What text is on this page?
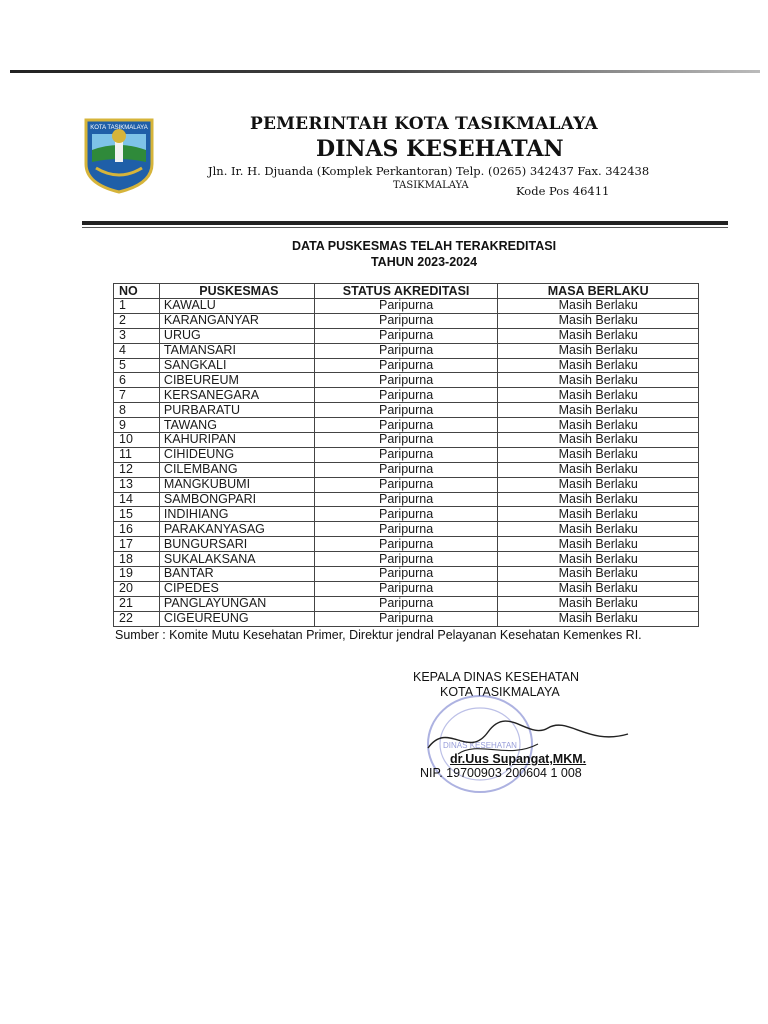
KOTA TASIKMALAYA	PEMERINTAH KOTA TASIKMALAYA
DINAS KESEHATAN
Jln. Ir. H. Djuanda (Komplek Perkantoran) Telp. (0265) 342437 Fax. 342438
TASIKMALAYA	Kode Pos 46411
DATA PUSKESMAS TELAH TERAKREDITASI
TAHUN 2023-2024
NO	PUSKESMAS	STATUS AKREDITASI	MASA BERLAKU
1	KAWALU	Paripurna	Masih Berlaku
2	KARANGANYAR	Paripurna	Masih Berlaku
3	URUG	Paripurna	Masih Berlaku
4	TAMANSARI	Paripurna	Masih Berlaku
5	SANGKALI	Paripurna	Masih Berlaku
6	CIBEUREUM	Paripurna	Masih Berlaku
7	KERSANEGARA	Paripurna	Masih Berlaku
8	PURBARATU	Paripurna	Masih Berlaku
9	TAWANG	Paripurna	Masih Berlaku
10	KAHURIPAN	Paripurna	Masih Berlaku
11	CIHIDEUNG	Paripurna	Masih Berlaku
12	CILEMBANG	Paripurna	Masih Berlaku
13	MANGKUBUMI	Paripurna	Masih Berlaku
14	SAMBONGPARI	Paripurna	Masih Berlaku
15	INDIHIANG	Paripurna	Masih Berlaku
16	PARAKANYASAG	Paripurna	Masih Berlaku
17	BUNGURSARI	Paripurna	Masih Berlaku
18	SUKALAKSANA	Paripurna	Masih Berlaku
19	BANTAR	Paripurna	Masih Berlaku
20	CIPEDES	Paripurna	Masih Berlaku
21	PANGLAYUNGAN	Paripurna	Masih Berlaku
22	CIGEUREUNG	Paripurna	Masih Berlaku
Sumber : Komite Mutu Kesehatan Primer, Direktur jendral Pelayanan Kesehatan Kemenkes RI.
KEPALA DINAS KESEHATAN
KOTA TASIKMALAYA
DINAS KESEHATAN
dr.Uus Supangat,MKM.
NIP. 19700903 200604 1 008
